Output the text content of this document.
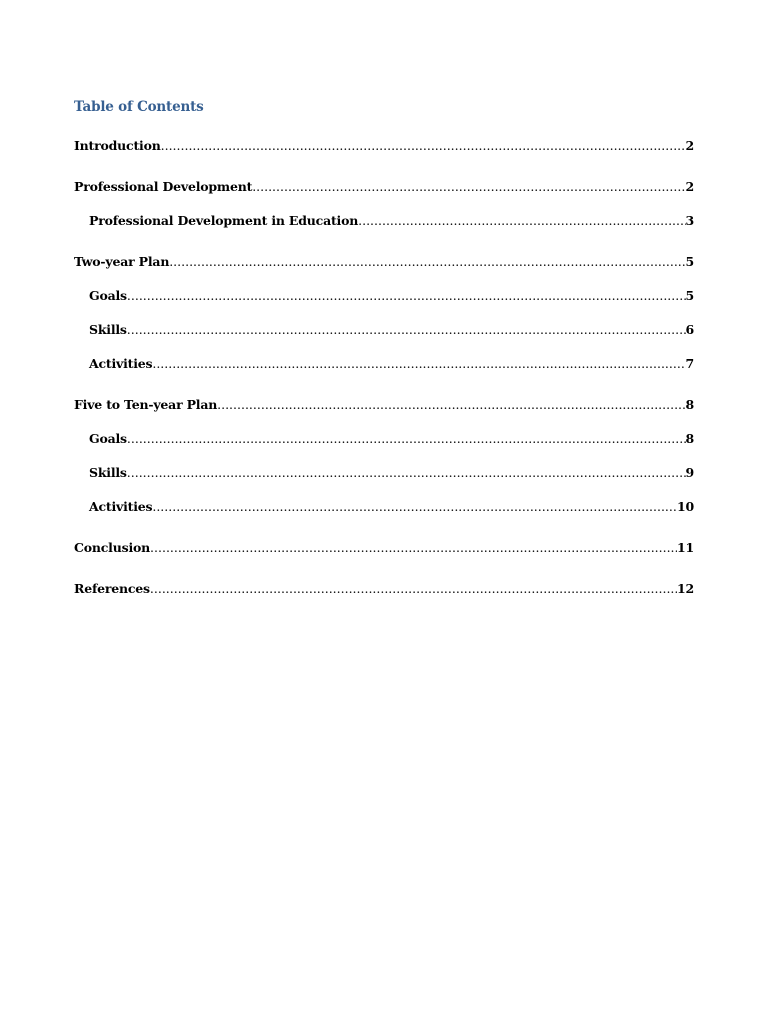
Table of Contents
Introduction .....	2
Professional Development .....	2
Professional Development in Education .....	3
Two-year Plan .....	5
Goals .....	5
Skills .....	6
Activities .....	7
Five to Ten-year Plan .....	8
Goals .....	8
Skills .....	9
Activities .....	10
Conclusion .....	11
References .....	12
